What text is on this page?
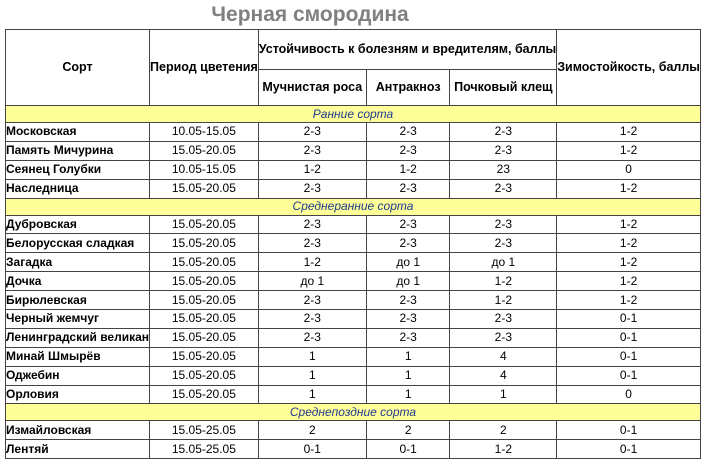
Черная смородина
Сорт	Период цветения	Устойчивость к болезням и вредителям, баллы			Зимостойкость, баллы
		Мучнистая роса	Антракноз	Почковый клещ	
Ранние сорта					
Московская	10.05-15.05	2-3	2-3	2-3	1-2
Память Мичурина	15.05-20.05	2-3	2-3	2-3	1-2
Сеянец Голубки	10.05-15.05	1-2	1-2	23	0
Наследница	15.05-20.05	2-3	2-3	2-3	1-2
Среднеранние сорта					
Дубровская	15.05-20.05	2-3	2-3	2-3	1-2
Белорусская сладкая	15.05-20.05	2-3	2-3	2-3	1-2
Загадка	15.05-20.05	1-2	до 1	до 1	1-2
Дочка	15.05-20.05	до 1	до 1	1-2	1-2
Бирюлевская	15.05-20.05	2-3	2-3	1-2	1-2
Черный жемчуг	15.05-20.05	2-3	2-3	2-3	0-1
Ленинградский великан	15.05-20.05	2-3	2-3	2-3	0-1
Минай Шмырёв	15.05-20.05	1	1	4	0-1
Оджебин	15.05-20.05	1	1	4	0-1
Орловия	15.05-20.05	1	1	1	0
Среднепоздние сорта					
Измайловская	15.05-25.05	2	2	2	0-1
Лентяй	15.05-25.05	0-1	0-1	1-2	0-1
